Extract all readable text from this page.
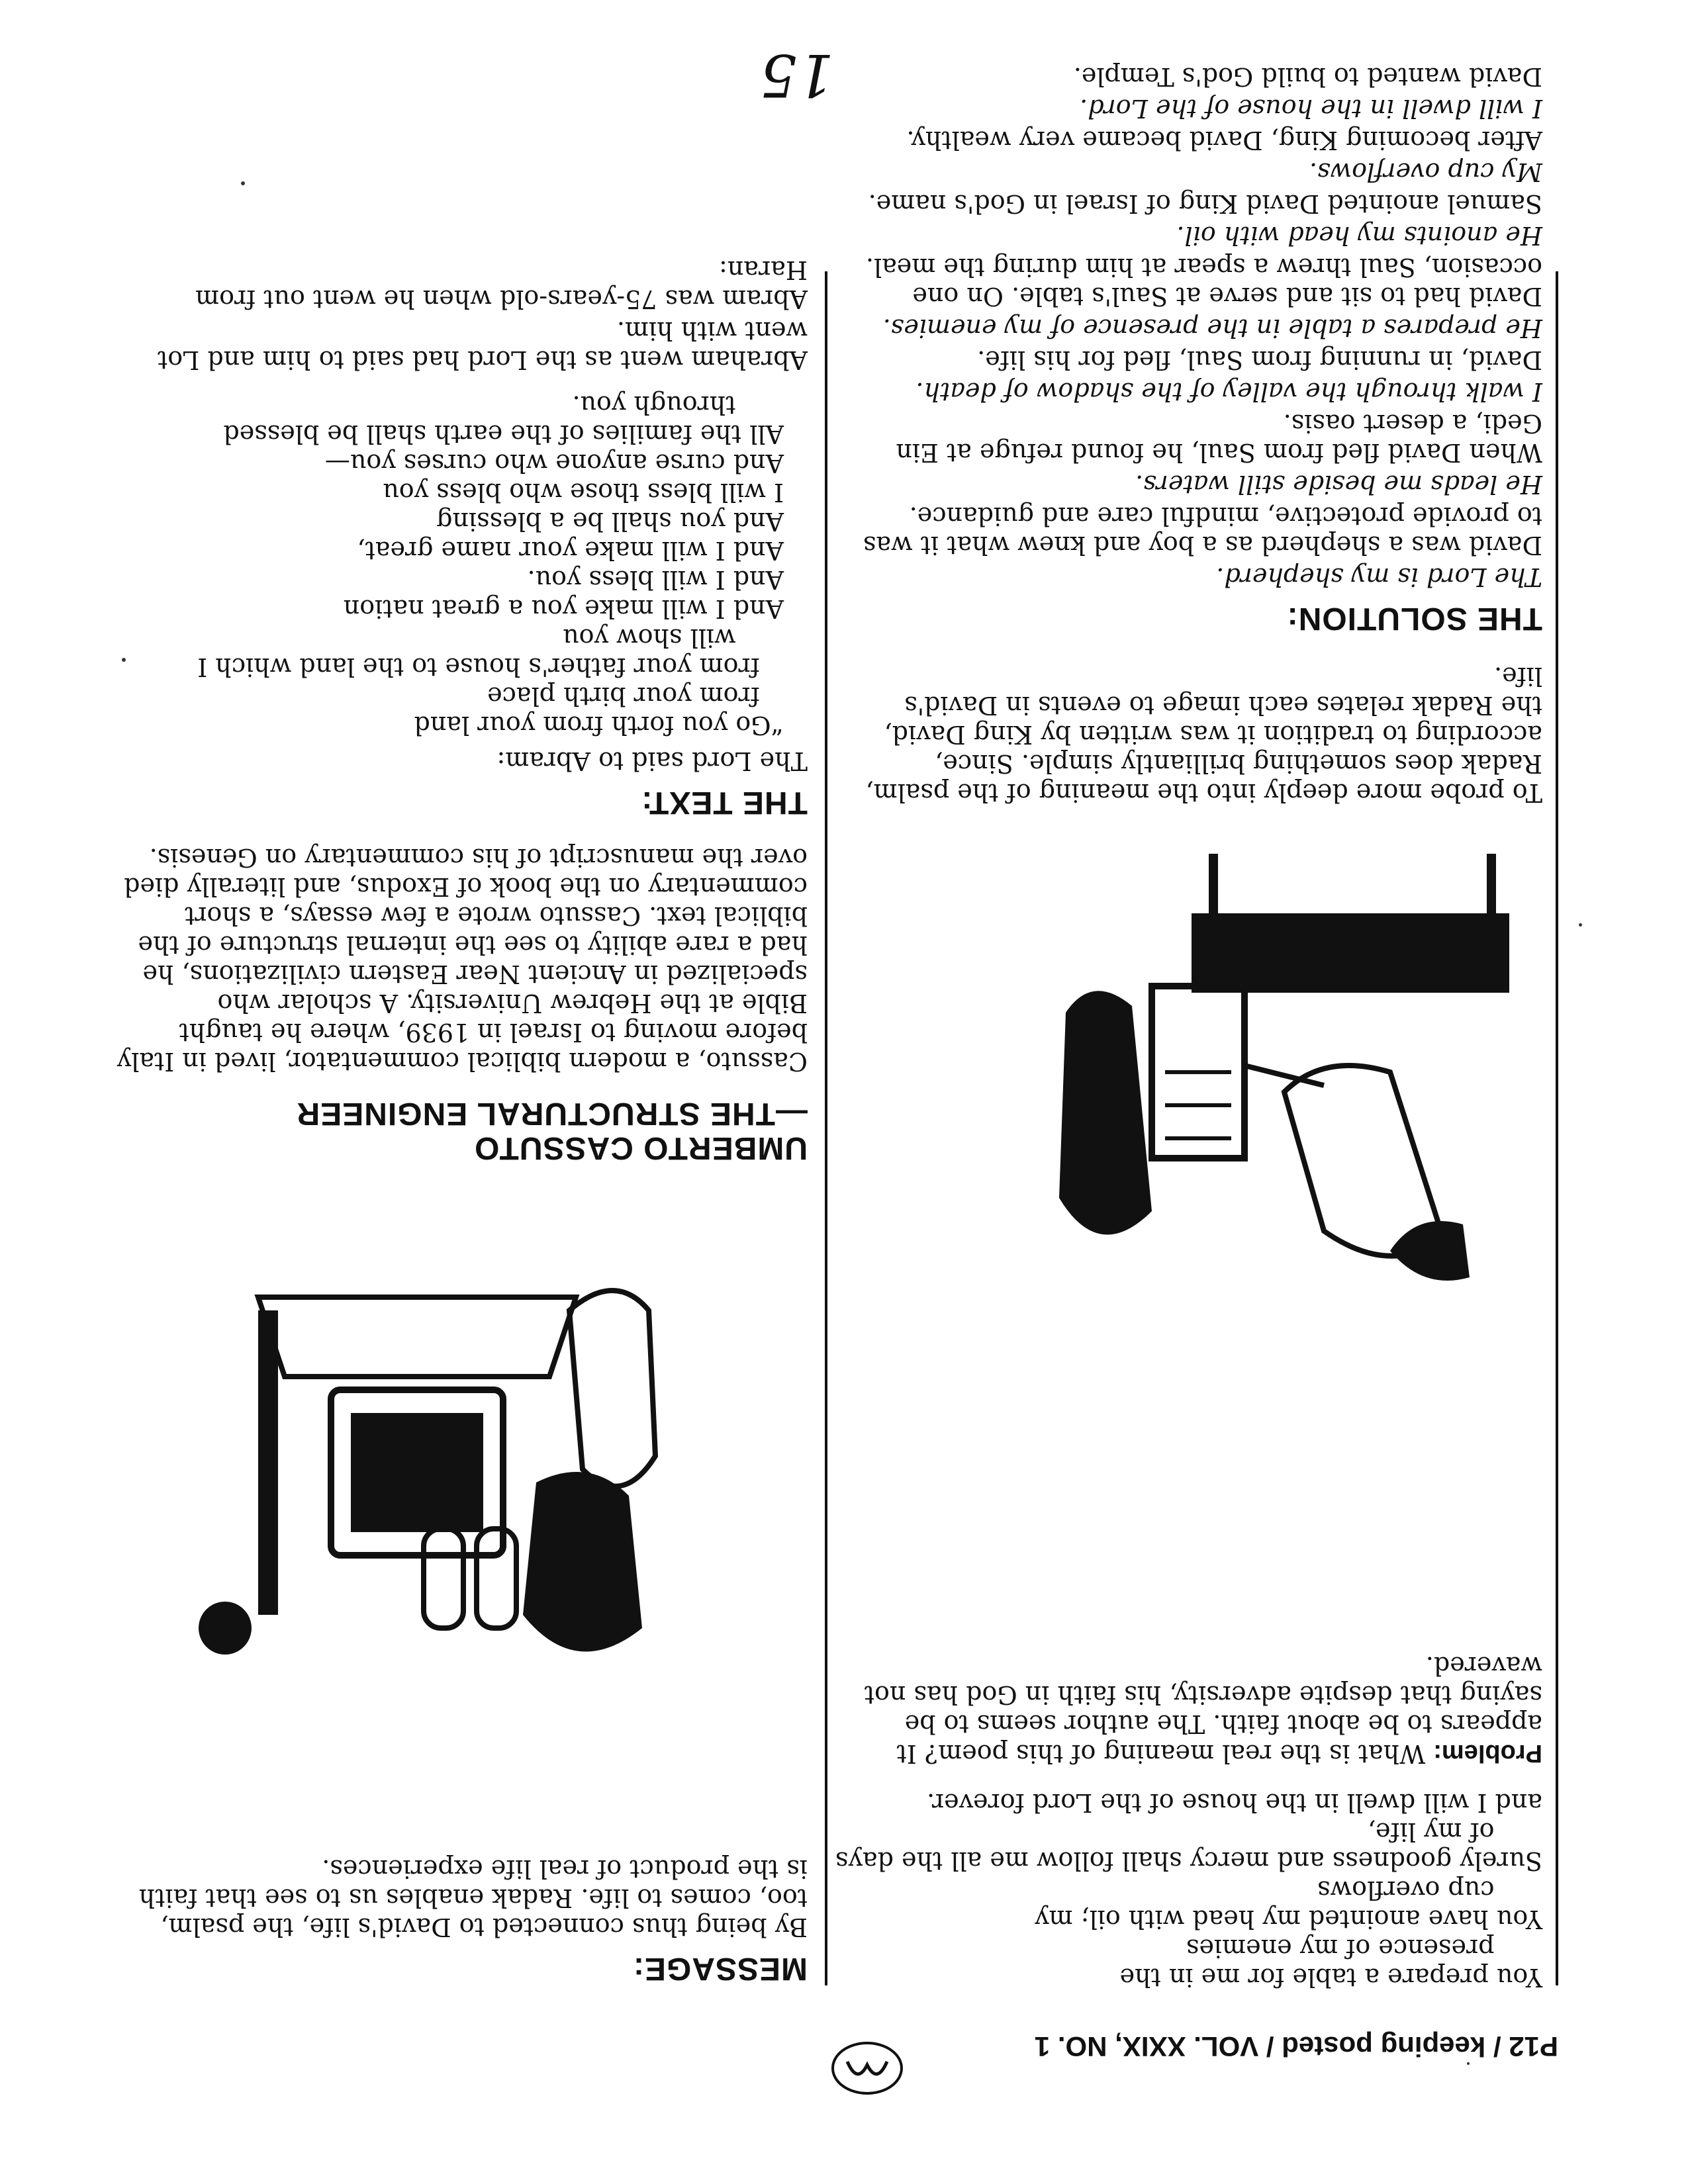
P12 / keeping posted / VOL. XXIX, NO. 1
You prepare a table for me in the
presence of my enemies
You have anointed my head with oil; my
cup overflows
Surely goodness and mercy shall follow me all the days
of my life,
and I will dwell in the house of the Lord forever.

Problem: What is the real meaning of this poem? It appears to be about faith. The author seems to be saying that despite adversity, his faith in God has not wavered.

To probe more deeply into the meaning of the psalm, Radak does something brilliantly simple. Since, according to tradition it was written by King David, the Radak relates each image to events in David's life.

THE SOLUTION:

The Lord is my shepherd.

David was a shepherd as a boy and knew what it was to provide protective, mindful care and guidance.

He leads me beside still waters.

When David fled from Saul, he found refuge at Ein Gedi, a desert oasis.

I walk through the valley of the shadow of death.

David, in running from Saul, fled for his life.

He prepares a table in the presence of my enemies.

David had to sit and serve at Saul's table. On one occasion, Saul threw a spear at him during the meal.

He anoints my head with oil.

Samuel anointed David King of Israel in God's name.

My cup overflows.

After becoming King, David became very wealthy.

I will dwell in the house of the Lord.

David wanted to build God's Temple.

MESSAGE:

By being thus connected to David's life, the psalm, too, comes to life. Radak enables us to see that faith is the product of real life experiences.

UMBERTO CASSUTO
—THE STRUCTURAL ENGINEER

Cassuto, a modern biblical commentator, lived in Italy before moving to Israel in 1939, where he taught Bible at the Hebrew University. A scholar who specialized in Ancient Near Eastern civilizations, he had a rare ability to see the internal structure of the biblical text. Cassuto wrote a few essays, a short commentary on the book of Exodus, and literally died over the manuscript of his commentary on Genesis.

THE TEXT:

The Lord said to Abram:

“Go you forth from your land
from your birth place
from your father's house to the land which I
will show you
And I will make you a great nation
And I will bless you.
And I will make your name great,
And you shall be a blessing
I will bless those who bless you
And curse anyone who curses you—
All the families of the earth shall be blessed
through you.

Abraham went as the Lord had said to him and Lot went with him.

Abram was 75-years-old when he went out from Haran:

15
